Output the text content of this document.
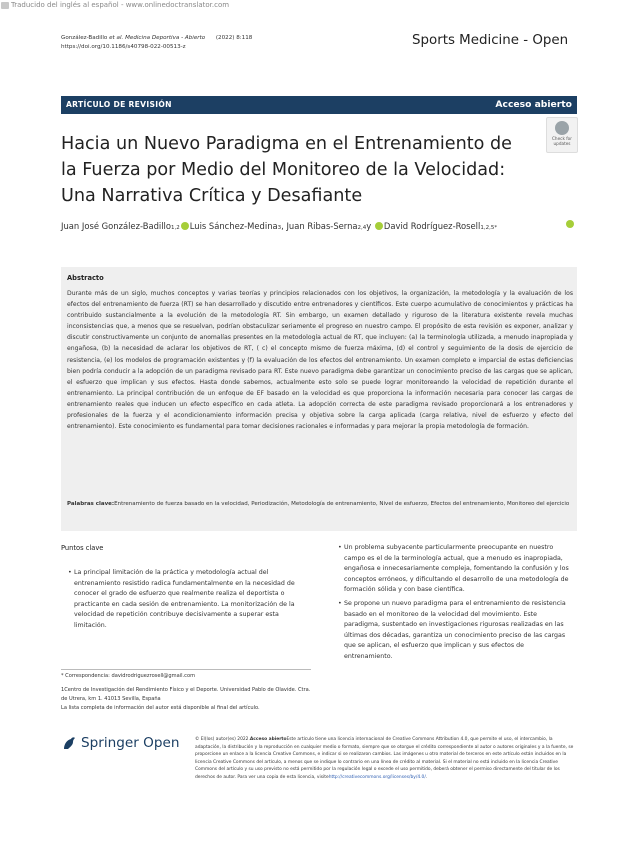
Traducido del inglés al español - www.onlinedoctranslator.com
González-Badillo et al. Medicina Deportiva - Abierto (2022) 8:118
https://doi.org/10.1186/s40798-022-00513-z	Sports Medicine - Open
ARTÍCULO DE REVISIÓN	Acceso abierto
Hacia un Nuevo Paradigma en el Entrenamiento de
la Fuerza por Medio del Monitoreo de la Velocidad:
Una Narrativa Crítica y Desafiante
Check for
updates
Juan José González-Badillo1,2 Luis Sánchez-Medina3, Juan Ribas-Serna2,4y David Rodríguez-Rosell1,2,5*
Abstracto
Durante más de un siglo, muchos conceptos y varias teorías y principios relacionados con los objetivos, la organización, la metodología y la evaluación de los efectos del entrenamiento de fuerza (RT) se han desarrollado y discutido entre entrenadores y científicos. Este cuerpo acumulativo de conocimientos y prácticas ha contribuido sustancialmente a la evolución de la metodología RT. Sin embargo, un examen detallado y riguroso de la literatura existente revela muchas inconsistencias que, a menos que se resuelvan, podrían obstaculizar seriamente el progreso en nuestro campo. El propósito de esta revisión es exponer, analizar y discutir constructivamente un conjunto de anomalías presentes en la metodología actual de RT, que incluyen: (a) la terminología utilizada, a menudo inapropiada y engañosa, (b) la necesidad de aclarar los objetivos de RT, ( c) el concepto mismo de fuerza máxima, (d) el control y seguimiento de la dosis de ejercicio de resistencia, (e) los modelos de programación existentes y (f) la evaluación de los efectos del entrenamiento. Un examen completo e imparcial de estas deficiencias bien podría conducir a la adopción de un paradigma revisado para RT. Este nuevo paradigma debe garantizar un conocimiento preciso de las cargas que se aplican, el esfuerzo que implican y sus efectos. Hasta donde sabemos, actualmente esto solo se puede lograr monitoreando la velocidad de repetición durante el entrenamiento. La principal contribución de un enfoque de EF basado en la velocidad es que proporciona la información necesaria para conocer las cargas de entrenamiento reales que inducen un efecto específico en cada atleta. La adopción correcta de este paradigma revisado proporcionará a los entrenadores y profesionales de la fuerza y el acondicionamiento información precisa y objetiva sobre la carga aplicada (carga relativa, nivel de esfuerzo y efecto del entrenamiento). Este conocimiento es fundamental para tomar decisiones racionales e informadas y para mejorar la propia metodología de formación.
Palabras clave:Entrenamiento de fuerza basado en la velocidad, Periodización, Metodología de entrenamiento, Nivel de esfuerzo, Efectos del entrenamiento, Monitoreo del ejercicio
Puntos clave
• La principal limitación de la práctica y metodología actual del entrenamiento resistido radica fundamentalmente en la necesidad de conocer el grado de esfuerzo que realmente realiza el deportista o practicante en cada sesión de entrenamiento. La monitorización de la velocidad de repetición contribuye decisivamente a superar esta limitación.
• Un problema subyacente particularmente preocupante en nuestro campo es el de la terminología actual, que a menudo es inapropiada, engañosa e innecesariamente compleja, fomentando la confusión y los conceptos erróneos, y dificultando el desarrollo de una metodología de formación sólida y con base científica.
• Se propone un nuevo paradigma para el entrenamiento de resistencia basado en el monitoreo de la velocidad del movimiento. Este paradigma, sustentado en investigaciones rigurosas realizadas en las últimas dos décadas, garantiza un conocimiento preciso de las cargas que se aplican, el esfuerzo que implican y sus efectos de entrenamiento.
* Correspondencia: davidrodriguezrosell@gmail.com
1Centro de Investigación del Rendimiento Físico y el Deporte. Universidad Pablo de Olavide. Ctra. de Utrera, km 1. 41013 Sevilla, España
La lista completa de información del autor está disponible al final del artículo.
Springer Open	© El(los) autor(es) 2022.Acceso abiertoEste artículo tiene una licencia internacional de Creative Commons Attribution 4.0, que permite el uso, el intercambio, la adaptación, la distribución y la reproducción en cualquier medio o formato, siempre que se otorgue el crédito correspondiente al autor o autores originales y a la fuente, se proporcione un enlace a la licencia Creative Commons, e indicar si se realizaron cambios. Las imágenes u otro material de terceros en este artículo están incluidos en la licencia Creative Commons del artículo, a menos que se indique lo contrario en una línea de crédito al material. Si el material no está incluido en la licencia Creative Commons del artículo y su uso previsto no está permitido por la regulación legal o excede el uso permitido, deberá obtener el permiso directamente del titular de los derechos de autor. Para ver una copia de esta licencia, visitehttp://creativecommons.org/licenses/by/4.0/.
